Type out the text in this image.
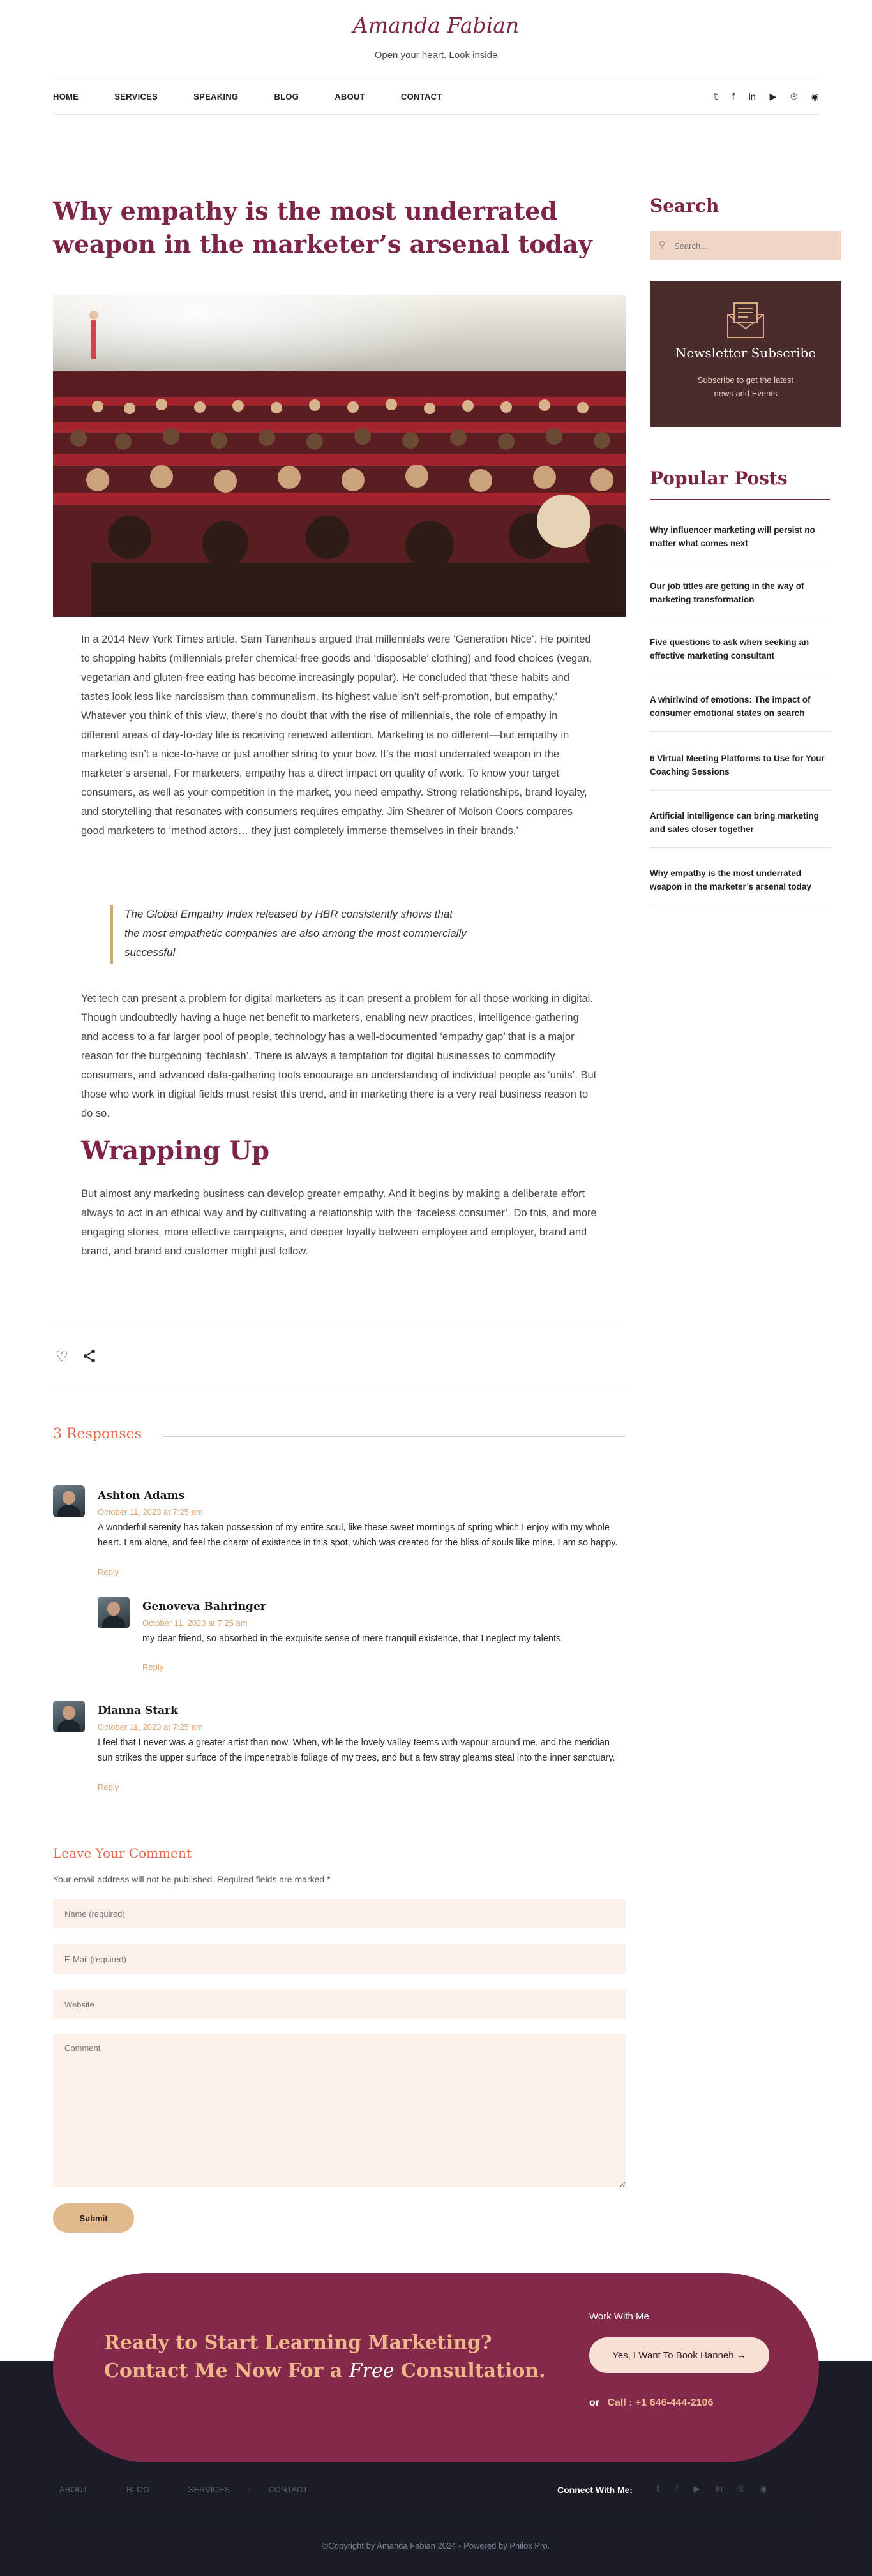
Amanda Fabian
Open your heart. Look inside
HOME	SERVICES	SPEAKING	BLOG	ABOUT	CONTACT	𝕥 f in ▶ ℗ ◉
Why empathy is the most underrated weapon in the marketer’s arsenal today

In a 2014 New York Times article, Sam Tanenhaus argued that millennials were ‘Generation Nice’. He pointed to shopping habits (millennials prefer chemical-free goods and ‘disposable’ clothing) and food choices (vegan, vegetarian and gluten-free eating has become increasingly popular). He concluded that ‘these habits and tastes look less like narcissism than communalism. Its highest value isn’t self-promotion, but empathy.’ Whatever you think of this view, there’s no doubt that with the rise of millennials, the role of empathy in different areas of day-to-day life is receiving renewed attention. Marketing is no different—but empathy in marketing isn’t a nice-to-have or just another string to your bow. It’s the most underrated weapon in the marketer’s arsenal. For marketers, empathy has a direct impact on quality of work. To know your target consumers, as well as your competition in the market, you need empathy. Strong relationships, brand loyalty, and storytelling that resonates with consumers requires empathy. Jim Shearer of Molson Coors compares good marketers to ‘method actors… they just completely immerse themselves in their brands.’

The Global Empathy Index released by HBR consistently shows that the most empathetic companies are also among the most commercially successful

Yet tech can present a problem for digital marketers as it can present a problem for all those working in digital. Though undoubtedly having a huge net benefit to marketers, enabling new practices, intelligence-gathering and access to a far larger pool of people, technology has a well-documented ‘empathy gap’ that is a major reason for the burgeoning ‘techlash’. There is always a temptation for digital businesses to commodify consumers, and advanced data-gathering tools encourage an understanding of individual people as ‘units’. But those who work in digital fields must resist this trend, and in marketing there is a very real business reason to do so.

Wrapping Up

But almost any marketing business can develop greater empathy. And it begins by making a deliberate effort always to act in an ethical way and by cultivating a relationship with the ‘faceless consumer’. Do this, and more engaging stories, more effective campaigns, and deeper loyalty between employee and employer, brand and brand, and brand and customer might just follow.

♡
3 Responses
Ashton Adams
October 11, 2023 at 7:25 am
A wonderful serenity has taken possession of my entire soul, like these sweet mornings of spring which I enjoy with my whole heart. I am alone, and feel the charm of existence in this spot, which was created for the bliss of souls like mine. I am so happy.
Reply
Genoveva Bahringer
October 11, 2023 at 7:25 am
my dear friend, so absorbed in the exquisite sense of mere tranquil existence, that I neglect my talents.
Reply
Dianna Stark
October 11, 2023 at 7:25 am
I feel that I never was a greater artist than now. When, while the lovely valley teems with vapour around me, and the meridian sun strikes the upper surface of the impenetrable foliage of my trees, and but a few stray gleams steal into the inner sanctuary.
Reply
Leave Your Comment
Your email address will not be published. Required fields are marked *
Name (required)
E-Mail (required)
Website
Comment
Submit
Search
⚲
Search...
Newsletter Subscribe
Subscribe to get the latest news and Events
Popular Posts
Why influencer marketing will persist no matter what comes next
Our job titles are getting in the way of marketing transformation
Five questions to ask when seeking an effective marketing consultant
A whirlwind of emotions: The impact of consumer emotional states on search
6 Virtual Meeting Platforms to Use for Your Coaching Sessions
Artificial intelligence can bring marketing and sales closer together
Why empathy is the most underrated weapon in the marketer’s arsenal today
Ready to Start Learning Marketing? Contact Me Now For a Free Consultation.
Work With Me
Yes, I Want To Book Hanneh →
or Call : +1 646-444-2106
ABOUT · BLOG · SERVICES · CONTACT	Connect With Me:	𝕥 f ▶ in ℗ ◉
©Copyright by Amanda Fabian 2024 - Powered by Philox Pro.
